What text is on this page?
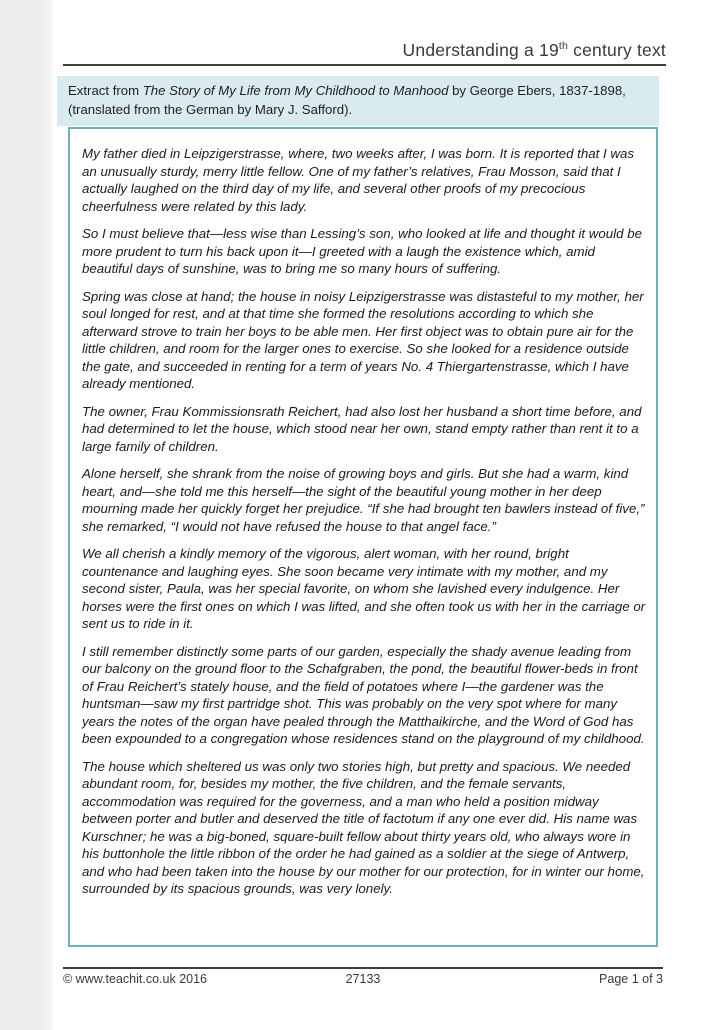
Understanding a 19th century text
Extract from The Story of My Life from My Childhood to Manhood by George Ebers, 1837-1898,
(translated from the German by Mary J. Safford).

My father died in Leipzigerstrasse, where, two weeks after, I was born. It is reported that I was an unusually sturdy, merry little fellow. One of my father’s relatives, Frau Mosson, said that I actually laughed on the third day of my life, and several other proofs of my precocious cheerfulness were related by this lady.

So I must believe that—less wise than Lessing’s son, who looked at life and thought it would be more prudent to turn his back upon it—I greeted with a laugh the existence which, amid beautiful days of sunshine, was to bring me so many hours of suffering.

Spring was close at hand; the house in noisy Leipzigerstrasse was distasteful to my mother, her soul longed for rest, and at that time she formed the resolutions according to which she afterward strove to train her boys to be able men. Her first object was to obtain pure air for the little children, and room for the larger ones to exercise. So she looked for a residence outside the gate, and succeeded in renting for a term of years No. 4 Thiergartenstrasse, which I have already mentioned.

The owner, Frau Kommissionsrath Reichert, had also lost her husband a short time before, and had determined to let the house, which stood near her own, stand empty rather than rent it to a large family of children.

Alone herself, she shrank from the noise of growing boys and girls. But she had a warm, kind heart, and—she told me this herself—the sight of the beautiful young mother in her deep mourning made her quickly forget her prejudice. “If she had brought ten bawlers instead of five,” she remarked, “I would not have refused the house to that angel face.”

We all cherish a kindly memory of the vigorous, alert woman, with her round, bright countenance and laughing eyes. She soon became very intimate with my mother, and my second sister, Paula, was her special favorite, on whom she lavished every indulgence. Her horses were the first ones on which I was lifted, and she often took us with her in the carriage or sent us to ride in it.

I still remember distinctly some parts of our garden, especially the shady avenue leading from our balcony on the ground floor to the Schafgraben, the pond, the beautiful flower-beds in front of Frau Reichert’s stately house, and the field of potatoes where I—the gardener was the huntsman—saw my first partridge shot. This was probably on the very spot where for many years the notes of the organ have pealed through the Matthaikirche, and the Word of God has been expounded to a congregation whose residences stand on the playground of my childhood.

The house which sheltered us was only two stories high, but pretty and spacious. We needed abundant room, for, besides my mother, the five children, and the female servants, accommodation was required for the governess, and a man who held a position midway between porter and butler and deserved the title of factotum if any one ever did. His name was Kurschner; he was a big-boned, square-built fellow about thirty years old, who always wore in his buttonhole the little ribbon of the order he had gained as a soldier at the siege of Antwerp, and who had been taken into the house by our mother for our protection, for in winter our home, surrounded by its spacious grounds, was very lonely.

© www.teachit.co.uk 2016	27133	Page 1 of 3
